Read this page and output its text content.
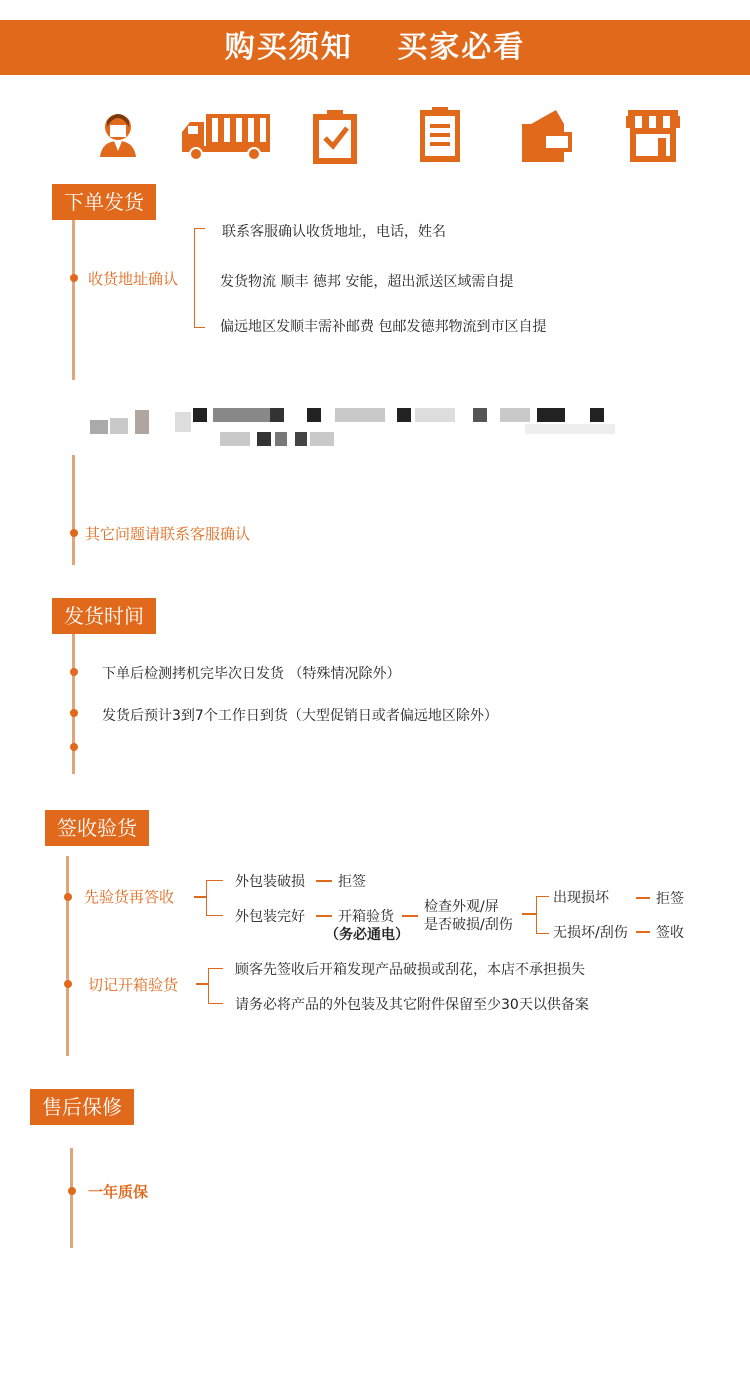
购买须知 买家必看
下单发货
收货地址确认
联系客服确认收货地址，电话，姓名
发货物流 顺丰 德邦 安能，超出派送区域需自提
偏远地区发顺丰需补邮费 包邮发德邦物流到市区自提
其它问题请联系客服确认
发货时间
下单后检测拷机完毕次日发货 （特殊情况除外）
发货后预计3到7个工作日到货（大型促销日或者偏远地区除外）
签收验货
先验货再答收
外包装破损 拒签
外包装完好 开箱验货
（务必通电）
检查外观/屏
是否破损/刮伤
出现损坏	拒签
无损坏/刮伤 签收
切记开箱验货
顾客先签收后开箱发现产品破损或刮花，本店不承担损失
请务必将产品的外包装及其它附件保留至少30天以供备案
售后保修
一年质保
